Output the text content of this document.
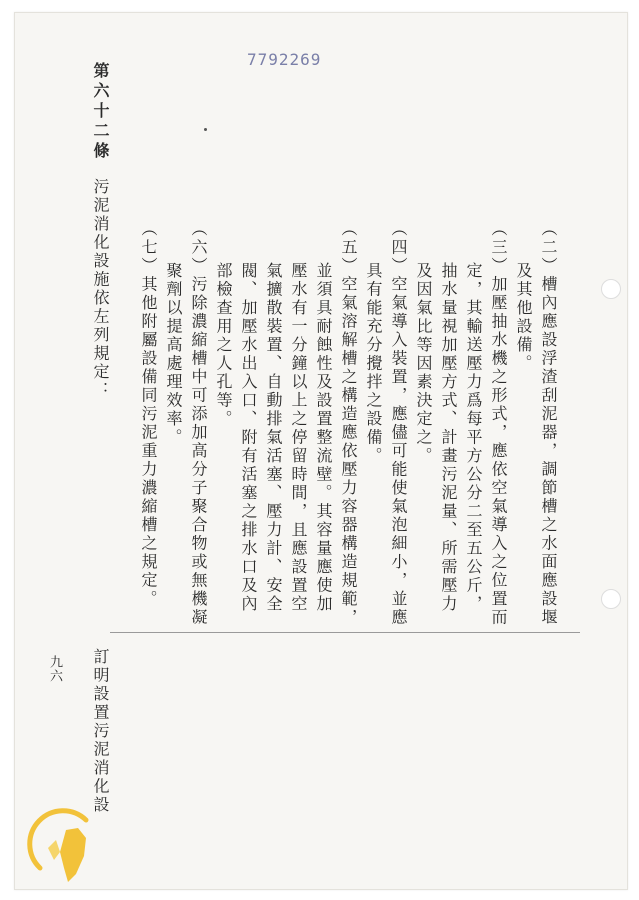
7792269
（二）槽內應設浮渣刮泥器，調節槽之水面應設堰
及其他設備。
（三）加壓抽水機之形式，應依空氣導入之位置而
定，其輸送壓力爲每平方公分二至五公斤，
抽水量視加壓方式、計畫污泥量、所需壓力
及因氣比等因素決定之。
（四）空氣導入裝置，應儘可能使氣泡細小，並應
具有能充分攪拌之設備。
（五）空氣溶解槽之構造應依壓力容器構造規範，
並須具耐蝕性及設置整流壁。其容量應使加
壓水有一分鐘以上之停留時間，且應設置空
氣擴散裝置、自動排氣活塞、壓力計、安全
閥、加壓水出入口、附有活塞之排水口及內
部檢查用之人孔等。
（六）污除濃縮槽中可添加高分子聚合物或無機凝
聚劑以提高處理效率。
（七）其他附屬設備同污泥重力濃縮槽之規定。
第六十二條
污泥消化設施依左列規定：
訂明設置污泥消化設
九六
